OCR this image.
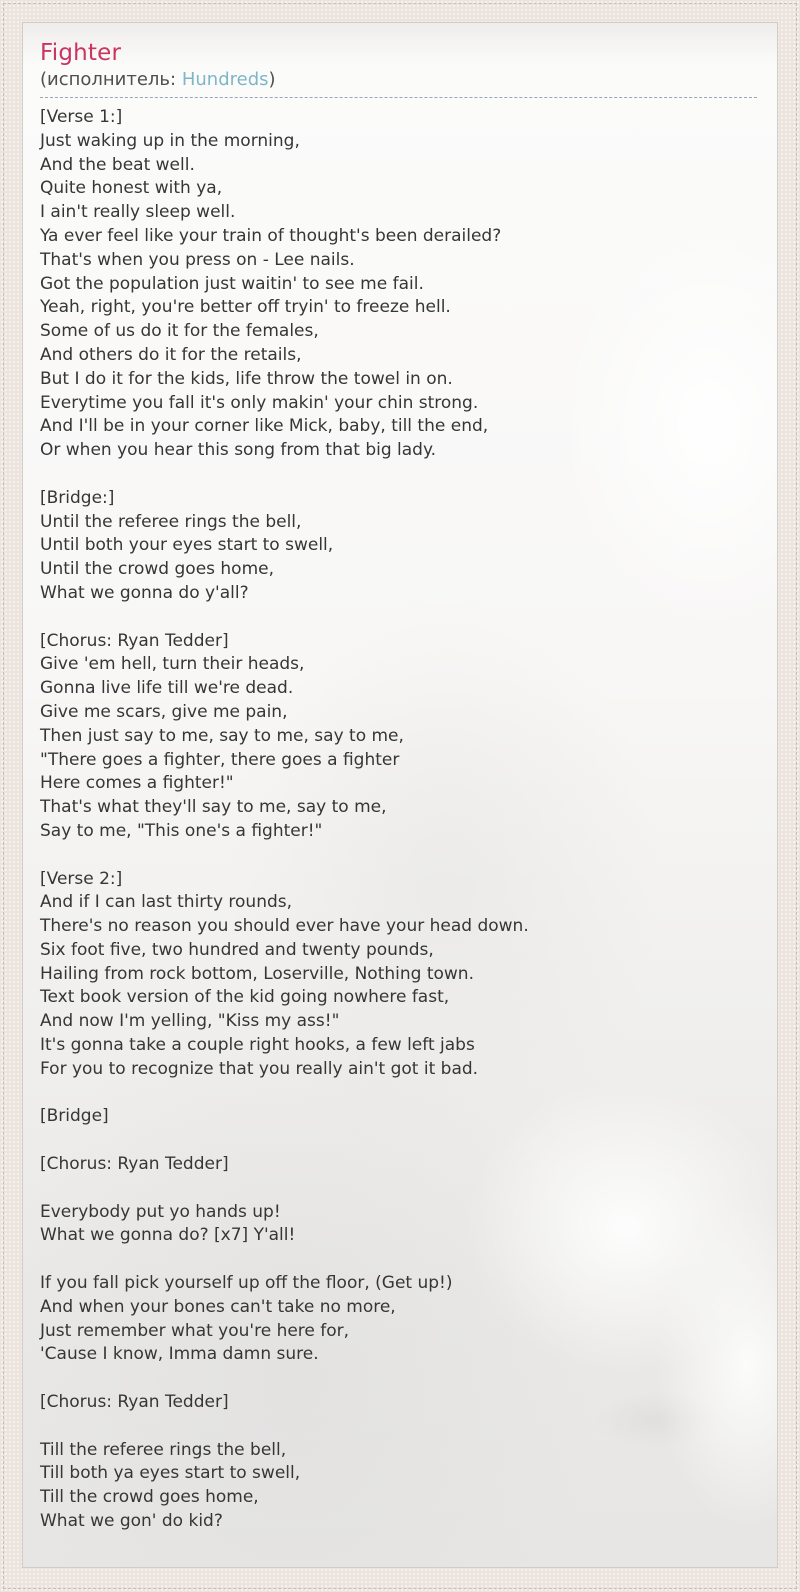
Fighter
(исполнитель: Hundreds)
[Verse 1:]
Just waking up in the morning,
And the beat well.
Quite honest with ya,
I ain't really sleep well.
Ya ever feel like your train of thought's been derailed?
That's when you press on - Lee nails.
Got the population just waitin' to see me fail.
Yeah, right, you're better off tryin' to freeze hell.
Some of us do it for the females,
And others do it for the retails,
But I do it for the kids, life throw the towel in on.
Everytime you fall it's only makin' your chin strong.
And I'll be in your corner like Mick, baby, till the end,
Or when you hear this song from that big lady.
[Bridge:]
Until the referee rings the bell,
Until both your eyes start to swell,
Until the crowd goes home,
What we gonna do y'all?
[Chorus: Ryan Tedder]
Give 'em hell, turn their heads,
Gonna live life till we're dead.
Give me scars, give me pain,
Then just say to me, say to me, say to me,
"There goes a fighter, there goes a fighter
Here comes a fighter!"
That's what they'll say to me, say to me,
Say to me, "This one's a fighter!"
[Verse 2:]
And if I can last thirty rounds,
There's no reason you should ever have your head down.
Six foot five, two hundred and twenty pounds,
Hailing from rock bottom, Loserville, Nothing town.
Text book version of the kid going nowhere fast,
And now I'm yelling, "Kiss my ass!"
It's gonna take a couple right hooks, a few left jabs
For you to recognize that you really ain't got it bad.
[Bridge]
[Chorus: Ryan Tedder]
Everybody put yo hands up!
What we gonna do? [x7] Y'all!
If you fall pick yourself up off the floor, (Get up!)
And when your bones can't take no more,
Just remember what you're here for,
'Cause I know, Imma damn sure.
[Chorus: Ryan Tedder]
Till the referee rings the bell,
Till both ya eyes start to swell,
Till the crowd goes home,
What we gon' do kid?
